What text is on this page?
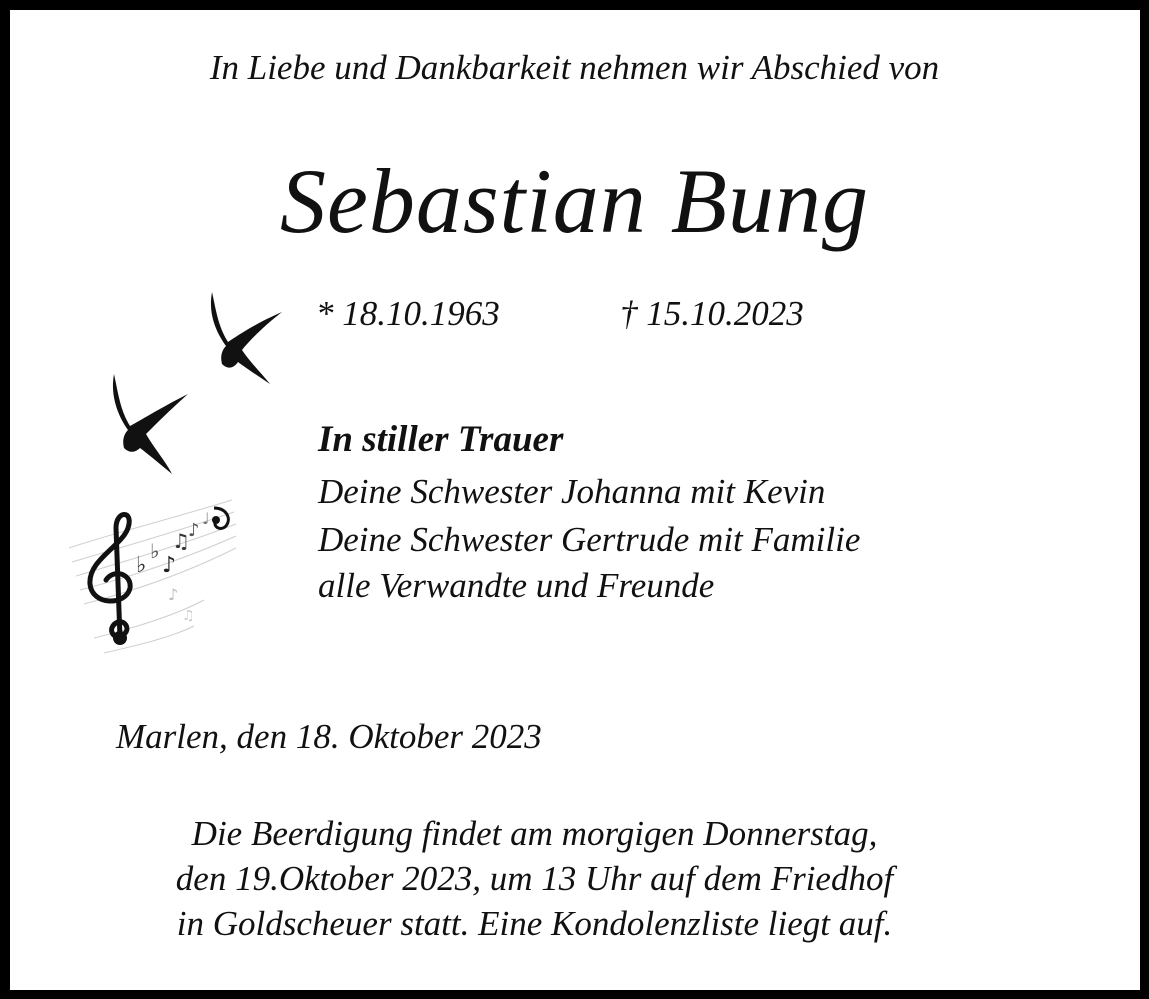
In Liebe und Dankbarkeit nehmen wir Abschied von
Sebastian Bung
* 18.10.1963	† 15.10.2023
♭
♭
♪
♫
♪
♩
♪
♫
In stiller Trauer
Deine Schwester Johanna mit Kevin
Deine Schwester Gertrude mit Familie
alle Verwandte und Freunde
Marlen, den 18. Oktober 2023
Die Beerdigung findet am morgigen Donnerstag,
den 19.Oktober 2023, um 13 Uhr auf dem Friedhof
in Goldscheuer statt. Eine Kondolenzliste liegt auf.
